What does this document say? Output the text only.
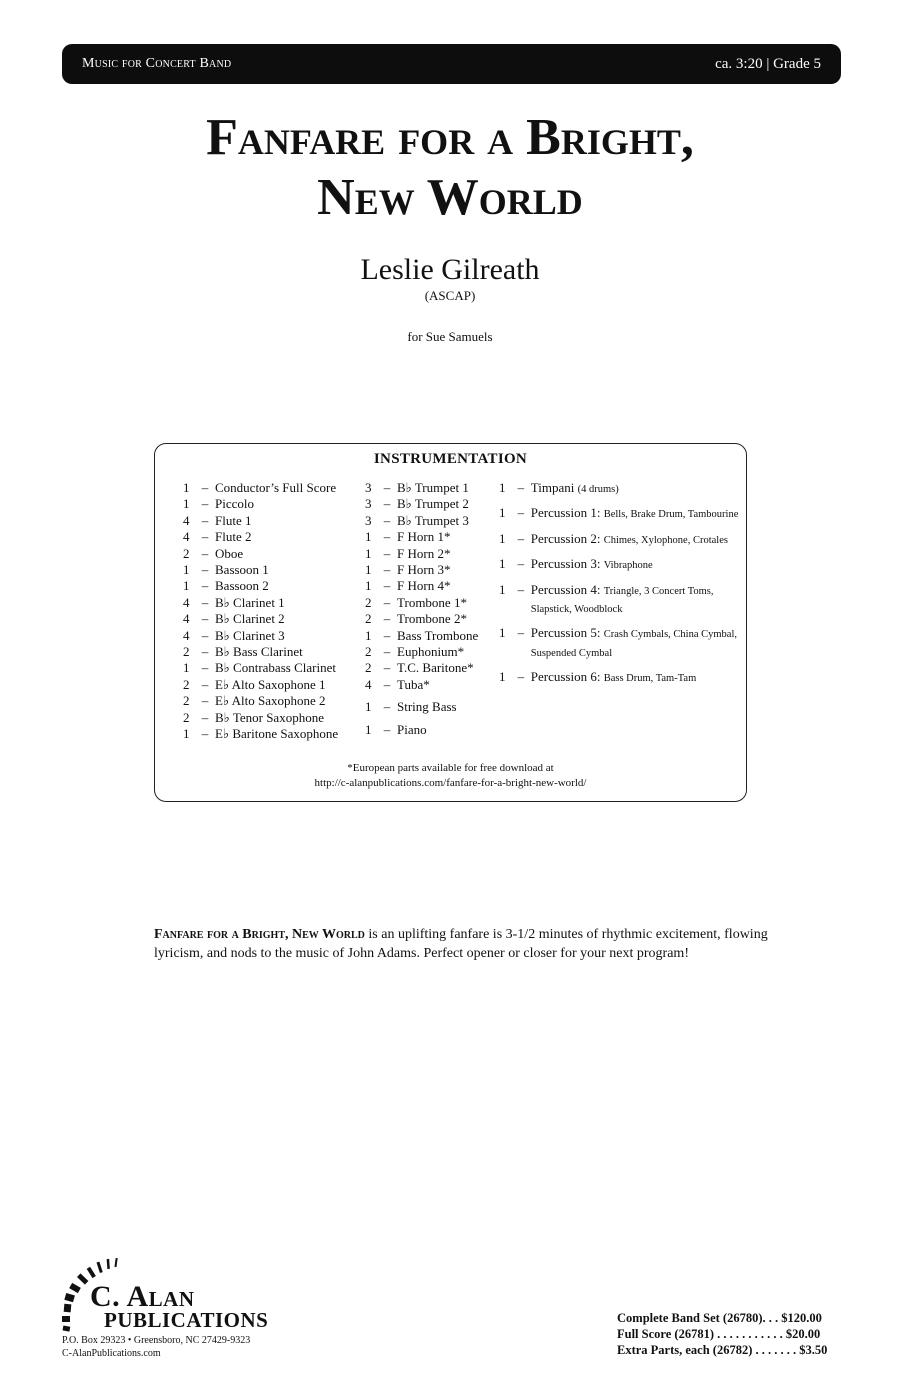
Music for Concert Band	ca. 3:20 | Grade 5
Fanfare for a Bright,
New World
Leslie Gilreath
(ASCAP)
for Sue Samuels
INSTRUMENTATION
1 – Conductor’s Full Score
1 – Piccolo
4 – Flute 1
4 – Flute 2
2 – Oboe
1 – Bassoon 1
1 – Bassoon 2
4 – B♭ Clarinet 1
4 – B♭ Clarinet 2
4 – B♭ Clarinet 3
2 – B♭ Bass Clarinet
1 – B♭ Contrabass Clarinet
2 – E♭ Alto Saxophone 1
2 – E♭ Alto Saxophone 2
2 – B♭ Tenor Saxophone
1 – E♭ Baritone Saxophone
3 – B♭ Trumpet 1
3 – B♭ Trumpet 2
3 – B♭ Trumpet 3
1 – F Horn 1*
1 – F Horn 2*
1 – F Horn 3*
1 – F Horn 4*
2 – Trombone 1*
2 – Trombone 2*
1 – Bass Trombone
2 – Euphonium*
2 – T.C. Baritone*
4 – Tuba*
1 – String Bass
1 – Piano
1 – Timpani (4 drums)
1 – Percussion 1: Bells, Brake Drum, Tambourine
1 – Percussion 2: Chimes, Xylophone, Crotales
1 – Percussion 3: Vibraphone
1 – Percussion 4: Triangle, 3 Concert Toms, Slapstick, Woodblock
1 – Percussion 5: Crash Cymbals, China Cymbal, Suspended Cymbal
1 – Percussion 6: Bass Drum, Tam-Tam
*European parts available for free download at
http://c-alanpublications.com/fanfare-for-a-bright-new-world/

Fanfare for a Bright, New World is an uplifting fanfare is 3-1/2 minutes of rhythmic excitement, flowing lyricism, and nods to the music of John Adams. Perfect opener or closer for your next program!

C. Alan
PUBLICATIONS
P.O. Box 29323 • Greensboro, NC 27429-9323
C-AlanPublications.com
Complete Band Set (26780). . . $120.00
Full Score (26781) . . . . . . . . . . . $20.00
Extra Parts, each (26782) . . . . . . . $3.50
